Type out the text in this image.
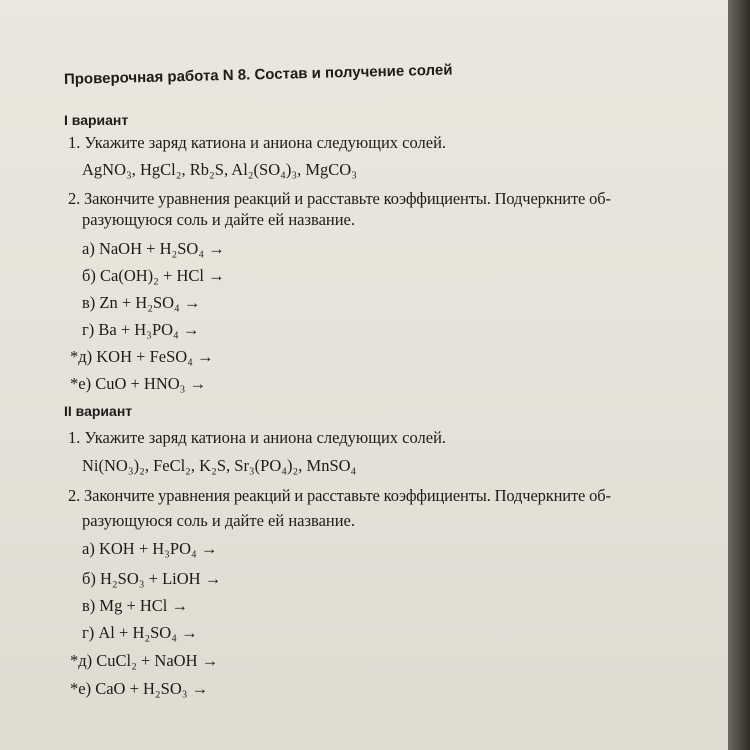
Проверочная работа N 8. Состав и получение солей
I вариант
1. Укажите заряд катиона и аниона следующих солей.
AgNO₃, HgCl₂, Rb₂S, Al₂(SO₄)₃, MgCO₃
2. Закончите уравнения реакций и расставьте коэффициенты. Подчеркните об-
разующуюся соль и дайте ей название.
а) NaOH + H₂SO₄ →
б) Ca(OH)₂ + HCl →
в) Zn + H₂SO₄ →
г) Ba + H₃PO₄ →
*д) KOH + FeSO₄ →
*е) CuO + HNO₃ →
II вариант
1. Укажите заряд катиона и аниона следующих солей.
Ni(NO₃)₂, FeCl₂, K₂S, Sr₃(PO₄)₂, MnSO₄
2. Закончите уравнения реакций и расставьте коэффициенты. Подчеркните об-
разующуюся соль и дайте ей название.
а) KOH + H₃PO₄ →
б) H₂SO₃ + LiOH →
в) Mg + HCl →
г) Al + H₂SO₄ →
*д) CuCl₂ + NaOH →
*е) CaO + H₂SO₃ →
